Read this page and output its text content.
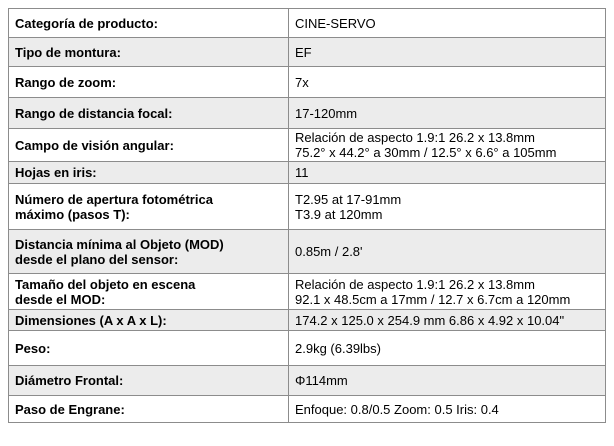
Categoría de producto:	CINE-SERVO

Tipo de montura:	EF

Rango de zoom:	7x

Rango de distancia focal:	17-120mm

Campo de visión angular:	Relación de aspecto 1.9:1 26.2 x 13.8mm
75.2° x 44.2° a 30mm / 12.5° x 6.6° a 105mm

Hojas en iris:	11

Número de apertura fotométrica
máximo (pasos T):	T2.95 at 17-91mm
T3.9 at 120mm

Distancia mínima al Objeto (MOD)
desde el plano del sensor:	0.85m / 2.8'

Tamaño del objeto en escena
desde el MOD:	Relación de aspecto 1.9:1 26.2 x 13.8mm
92.1 x 48.5cm a 17mm / 12.7 x 6.7cm a 120mm

Dimensiones (A x A x L):	174.2 x 125.0 x 254.9 mm 6.86 x 4.92 x 10.04"

Peso:	2.9kg (6.39lbs)

Diámetro Frontal:	Φ114mm

Paso de Engrane:	Enfoque: 0.8/0.5 Zoom: 0.5 Iris: 0.4
